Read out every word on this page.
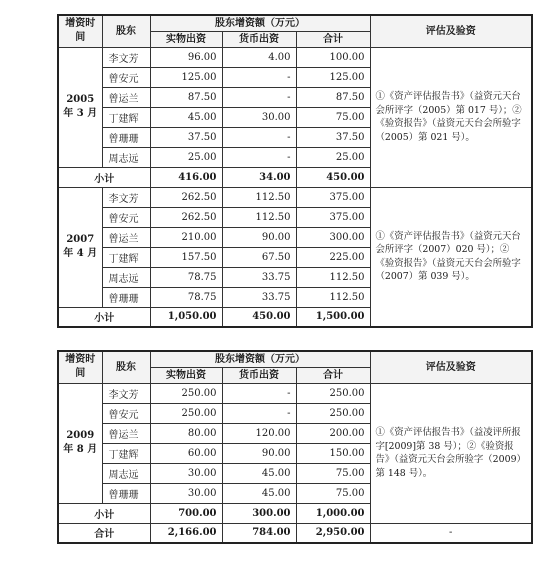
增资时间	股东	股东增资额（万元）			评估及验资
		实物出资	货币出资	合计	
2005 年 3 月	李文芳	96.00	4.00	100.00	①《资产评估报告书》（益资元天台会所评字（2005）第 017 号）；②《验资报告》（益资元天台会所验字（2005）第 021 号）。
	曾安元	125.00	-	125.00	
	曾运兰	87.50	-	87.50	
	丁建辉	45.00	30.00	75.00	
	曾珊珊	37.50	-	37.50	
	周志远	25.00	-	25.00	
小计		416.00	34.00	450.00	
2007 年 4 月	李文芳	262.50	112.50	375.00	①《资产评估报告书》（益资元天台会所评字（2007）020 号）；②《验资报告》（益资元天台会所验字（2007）第 039 号）。
	曾安元	262.50	112.50	375.00	
	曾运兰	210.00	90.00	300.00	
	丁建辉	157.50	67.50	225.00	
	周志远	78.75	33.75	112.50	
	曾珊珊	78.75	33.75	112.50	
小计		1,050.00	450.00	1,500.00	
增资时间	股东	股东增资额（万元）			评估及验资
		实物出资	货币出资	合计	
2009 年 8 月	李文芳	250.00	-	250.00	①《资产评估报告书》（益凌评所报字[2009]第 38 号）；②《验资报告》（益资元天台会所验字（2009）第 148 号）。
	曾安元	250.00	-	250.00	
	曾运兰	80.00	120.00	200.00	
	丁建辉	60.00	90.00	150.00	
	周志远	30.00	45.00	75.00	
	曾珊珊	30.00	45.00	75.00	
小计		700.00	300.00	1,000.00	
合计		2,166.00	784.00	2,950.00	-
